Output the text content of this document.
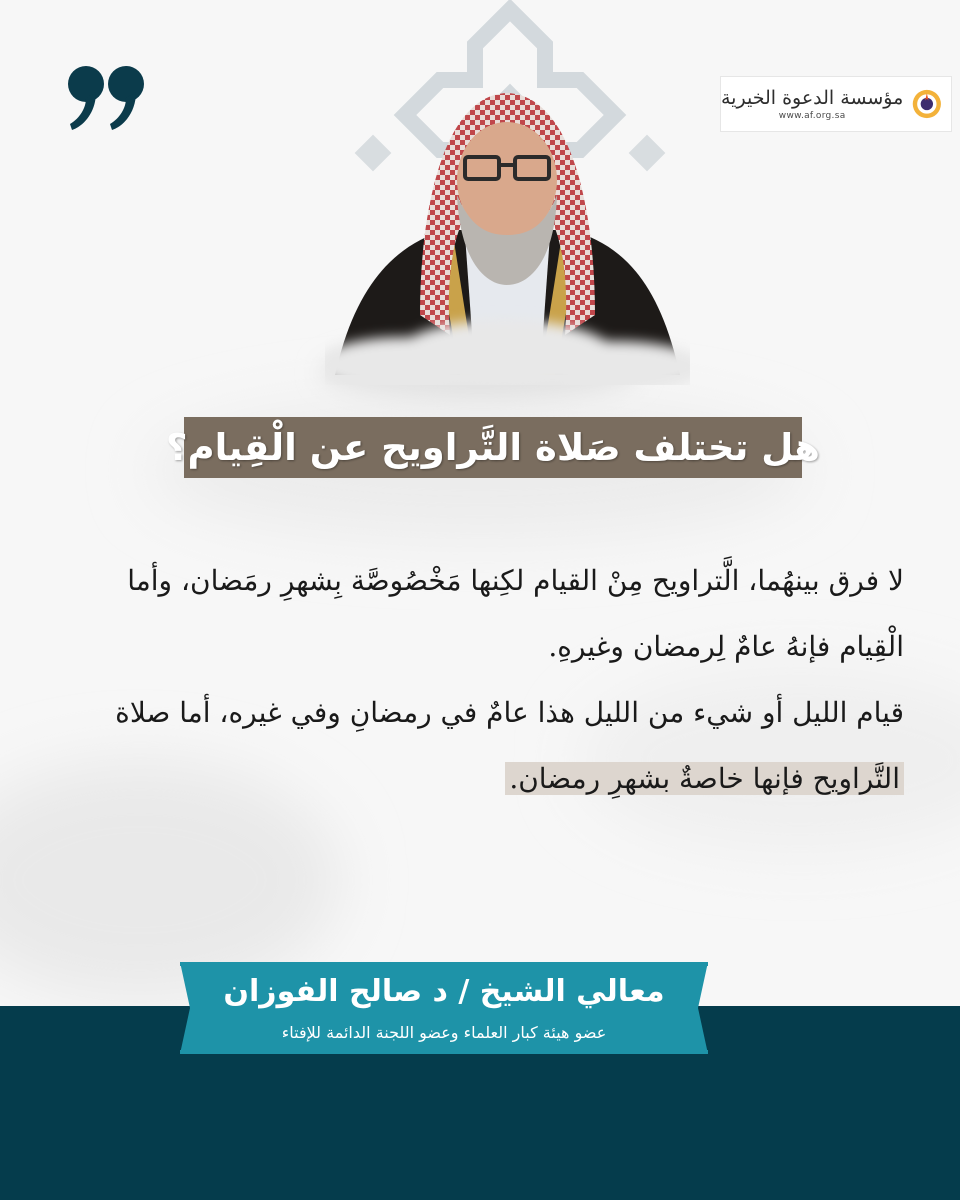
مؤسسة الدعوة الخيرية
www.af.org.sa
هل تختلف صَلاة التَّراويح عن الْقِيام؟

لا فرق بينهُما، الَّتراويح مِنْ القيام لكِنها مَخْصُوصَّة بِشهرِ رمَضان، وأما

الْقِيام فإنهُ عامٌ لِرمضان وغيرهِ.

قيام الليل أو شيء من الليل هذا عامٌ في رمضانِ وفي غيره، أما صلاة

التَّراويح فإنها خاصةٌ بشهرِ رمضان.

معالي الشيخ / د صالح الفوزان
عضو هيئة كبار العلماء وعضو اللجنة الدائمة للإفتاء
